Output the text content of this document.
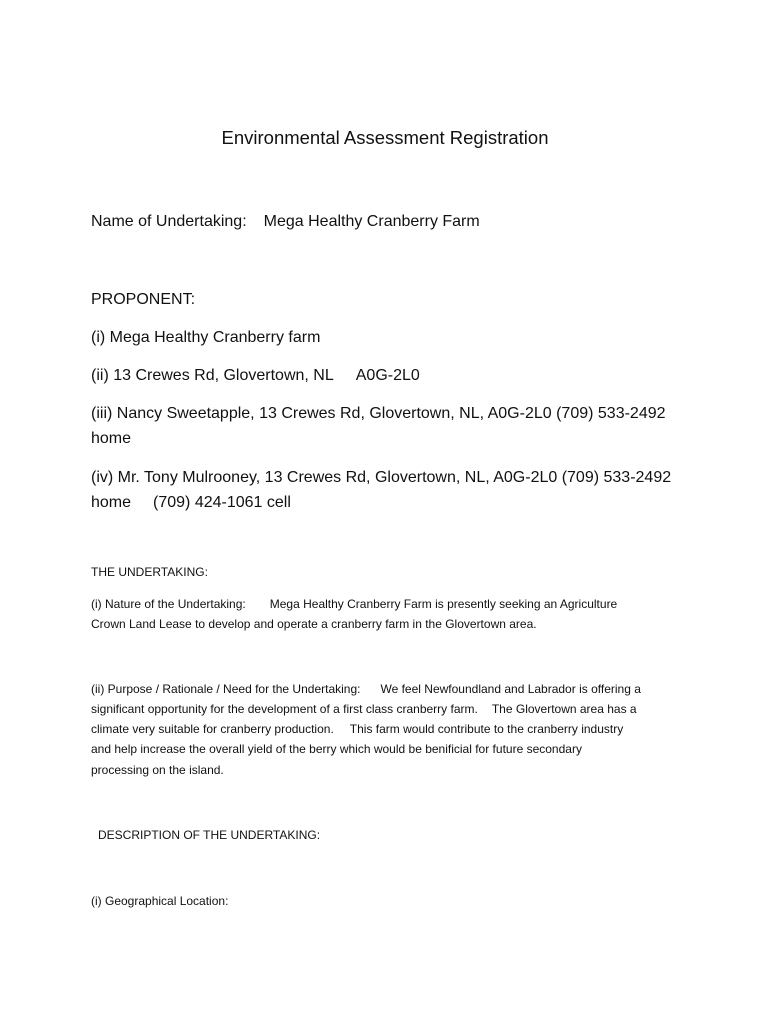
Environmental Assessment Registration

Name of Undertaking: Mega Healthy Cranberry Farm

PROPONENT:

(i) Mega Healthy Cranberry farm

(ii) 13 Crewes Rd, Glovertown, NL A0G-2L0

(iii) Nancy Sweetapple, 13 Crewes Rd, Glovertown, NL, A0G-2L0 (709) 533-2492

home

(iv) Mr. Tony Mulrooney, 13 Crewes Rd, Glovertown, NL, A0G-2L0 (709) 533-2492

home (709) 424-1061 cell

THE UNDERTAKING:

(i) Nature of the Undertaking: Mega Healthy Cranberry Farm is presently seeking an Agriculture

Crown Land Lease to develop and operate a cranberry farm in the Glovertown area.

(ii) Purpose / Rationale / Need for the Undertaking: We feel Newfoundland and Labrador is offering a

significant opportunity for the development of a first class cranberry farm. The Glovertown area has a

climate very suitable for cranberry production. This farm would contribute to the cranberry industry

and help increase the overall yield of the berry which would be benificial for future secondary

processing on the island.

DESCRIPTION OF THE UNDERTAKING:

(i) Geographical Location:
